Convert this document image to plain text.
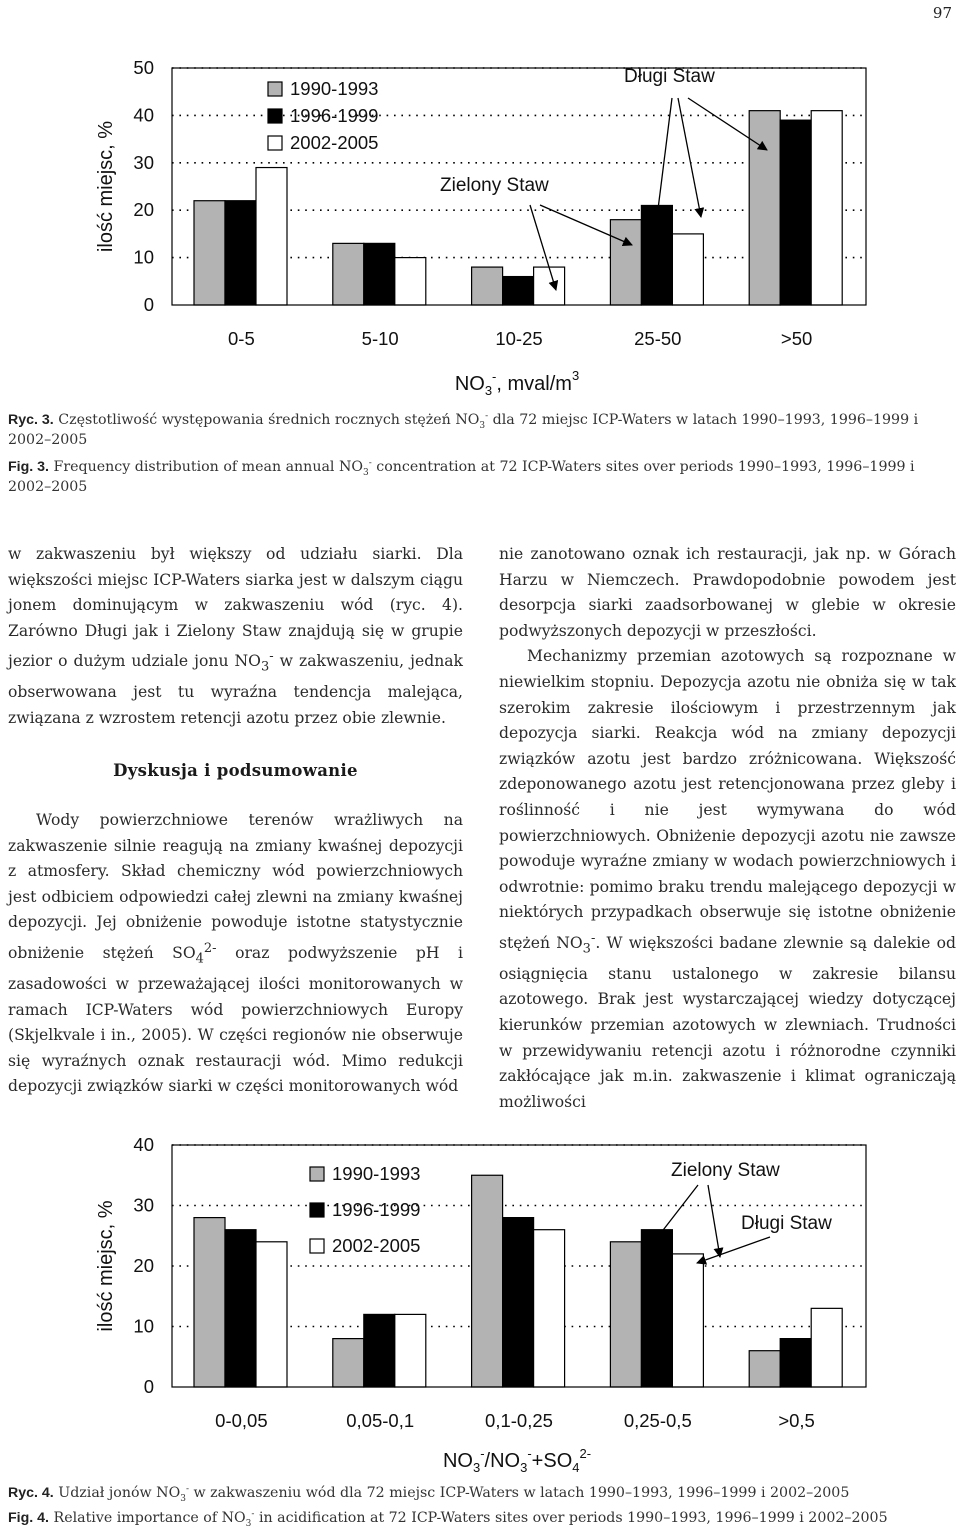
97
0-5	5-10	10-25	25-50	>50
0
10
20
30
40
50
ilość miejsc, %
1990-1993
1996-1999
2002-2005
Długi Staw
Zielony Staw
$NO_3^-$, mval/$m^3$
Ryc. 3. Częstotliwość występowania średnich rocznych stężeń $NO_3^-$ dla 72 miejsc ICP-Waters w latach 1990–1993, 1996–1999 i 2002–2005
Fig. 3. Frequency distribution of mean annual $NO_3^-$ concentration at 72 ICP-Waters sites over periods 1990–1993, 1996–1999 i 2002–2005

w zakwaszeniu był większy od udziału siarki. Dla większości miejsc ICP-Waters siarka jest w dalszym ciągu jonem dominującym w zakwaszeniu wód (ryc. 4). Zarówno Długi jak i Zielony Staw znajdują się w grupie jezior o dużym udziale jonu $NO_3^-$ w zakwaszeniu, jednak obserwowana jest tu wyraźna tendencja malejąca, związana z wzrostem retencji azotu przez obie zlewnie.

Dyskusja i podsumowanie

Wody powierzchniowe terenów wrażliwych na zakwaszenie silnie reagują na zmiany kwaśnej depozycji z atmosfery. Skład chemiczny wód powierzchniowych jest odbiciem odpowiedzi całej zlewni na zmiany kwaśnej depozycji. Jej obniżenie powoduje istotne statystycznie obniżenie stężeń $SO_4^{2-}$ oraz podwyższenie pH i zasadowości w przeważającej ilości monitorowanych w ramach ICP-Waters wód powierzchniowych Europy (Skjelkvale i in., 2005). W części regionów nie obserwuje się wyraźnych oznak restauracji wód. Mimo redukcji depozycji związków siarki w części monitorowanych wód

nie zanotowano oznak ich restauracji, jak np. w Górach Harzu w Niemczech. Prawdopodobnie powodem jest desorpcja siarki zaadsorbowanej w glebie w okresie podwyższonych depozycji w przeszłości.

Mechanizmy przemian azotowych są rozpoznane w niewielkim stopniu. Depozycja azotu nie obniża się w tak szerokim zakresie ilościowym i przestrzennym jak depozycja siarki. Reakcja wód na zmiany depozycji związków azotu jest bardzo zróżnicowana. Większość zdeponowanego azotu jest retencjonowana przez gleby i roślinność i nie jest wymywana do wód powierzchniowych. Obniżenie depozycji azotu nie zawsze powoduje wyraźne zmiany w wodach powierzchniowych i odwrotnie: pomimo braku trendu malejącego depozycji w niektórych przypadkach obserwuje się istotne obniżenie stężeń $NO_3^-$. W większości badane zlewnie są dalekie od osiągnięcia stanu ustalonego w zakresie bilansu azotowego. Brak jest wystarczającej wiedzy dotyczącej kierunków przemian azotowych w zlewniach. Trudności w przewidywaniu retencji azotu i różnorodne czynniki zakłócające jak m.in. zakwaszenie i klimat ograniczają możliwości

0-0,05	0,05-0,1	0,1-0,25	0,25-0,5	>0,5
0
10
20
30
40
ilość miejsc, %
1990-1993
1996-1999
2002-2005
Zielony Staw
Długi Staw
$NO_3^-/NO_3^-+SO_4^{2-}$
Ryc. 4. Udział jonów $NO_3^-$ w zakwaszeniu wód dla 72 miejsc ICP-Waters w latach 1990–1993, 1996–1999 i 2002–2005
Fig. 4. Relative importance of $NO_3^-$ in acidification at 72 ICP-Waters sites over periods 1990–1993, 1996–1999 i 2002–2005
